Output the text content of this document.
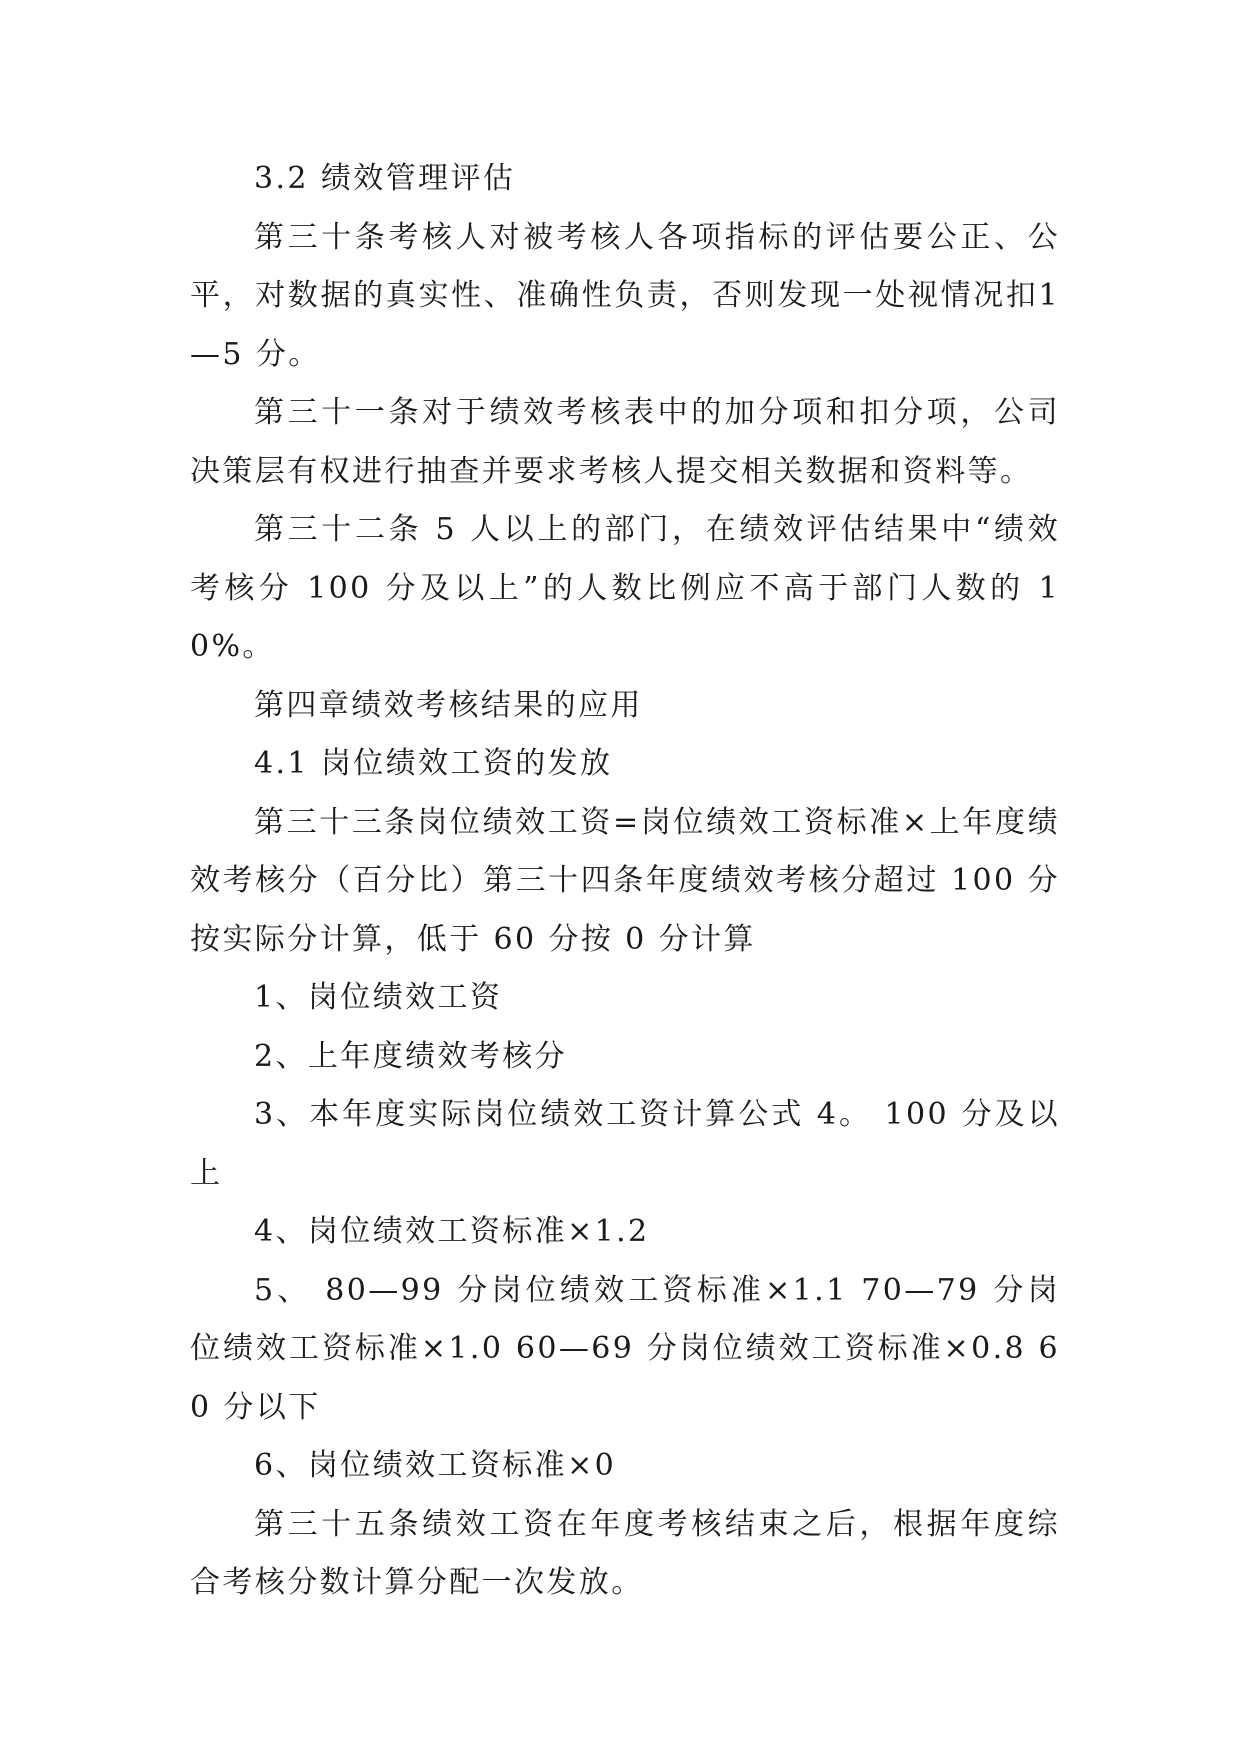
3.2 绩效管理评估

第三十条考核人对被考核人各项指标的评估要公正、公平，对数据的真实性、准确性负责，否则发现一处视情况扣1—5 分。

第三十一条对于绩效考核表中的加分项和扣分项，公司决策层有权进行抽查并要求考核人提交相关数据和资料等。

第三十二条 5 人以上的部门，在绩效评估结果中“绩效考核分 100 分及以上”的人数比例应不高于部门人数的 10%。

第四章绩效考核结果的应用

4.1 岗位绩效工资的发放

第三十三条岗位绩效工资=岗位绩效工资标准×上年度绩效考核分（百分比）第三十四条年度绩效考核分超过 100 分按实际分计算，低于 60 分按 0 分计算

1、岗位绩效工资

2、上年度绩效考核分

3、本年度实际岗位绩效工资计算公式 4。 100 分及以上

4、岗位绩效工资标准×1.2

5、 80—99 分岗位绩效工资标准×1.1 70—79 分岗位绩效工资标准×1.0 60—69 分岗位绩效工资标准×0.8 60 分以下

6、岗位绩效工资标准×0

第三十五条绩效工资在年度考核结束之后，根据年度综合考核分数计算分配一次发放。
